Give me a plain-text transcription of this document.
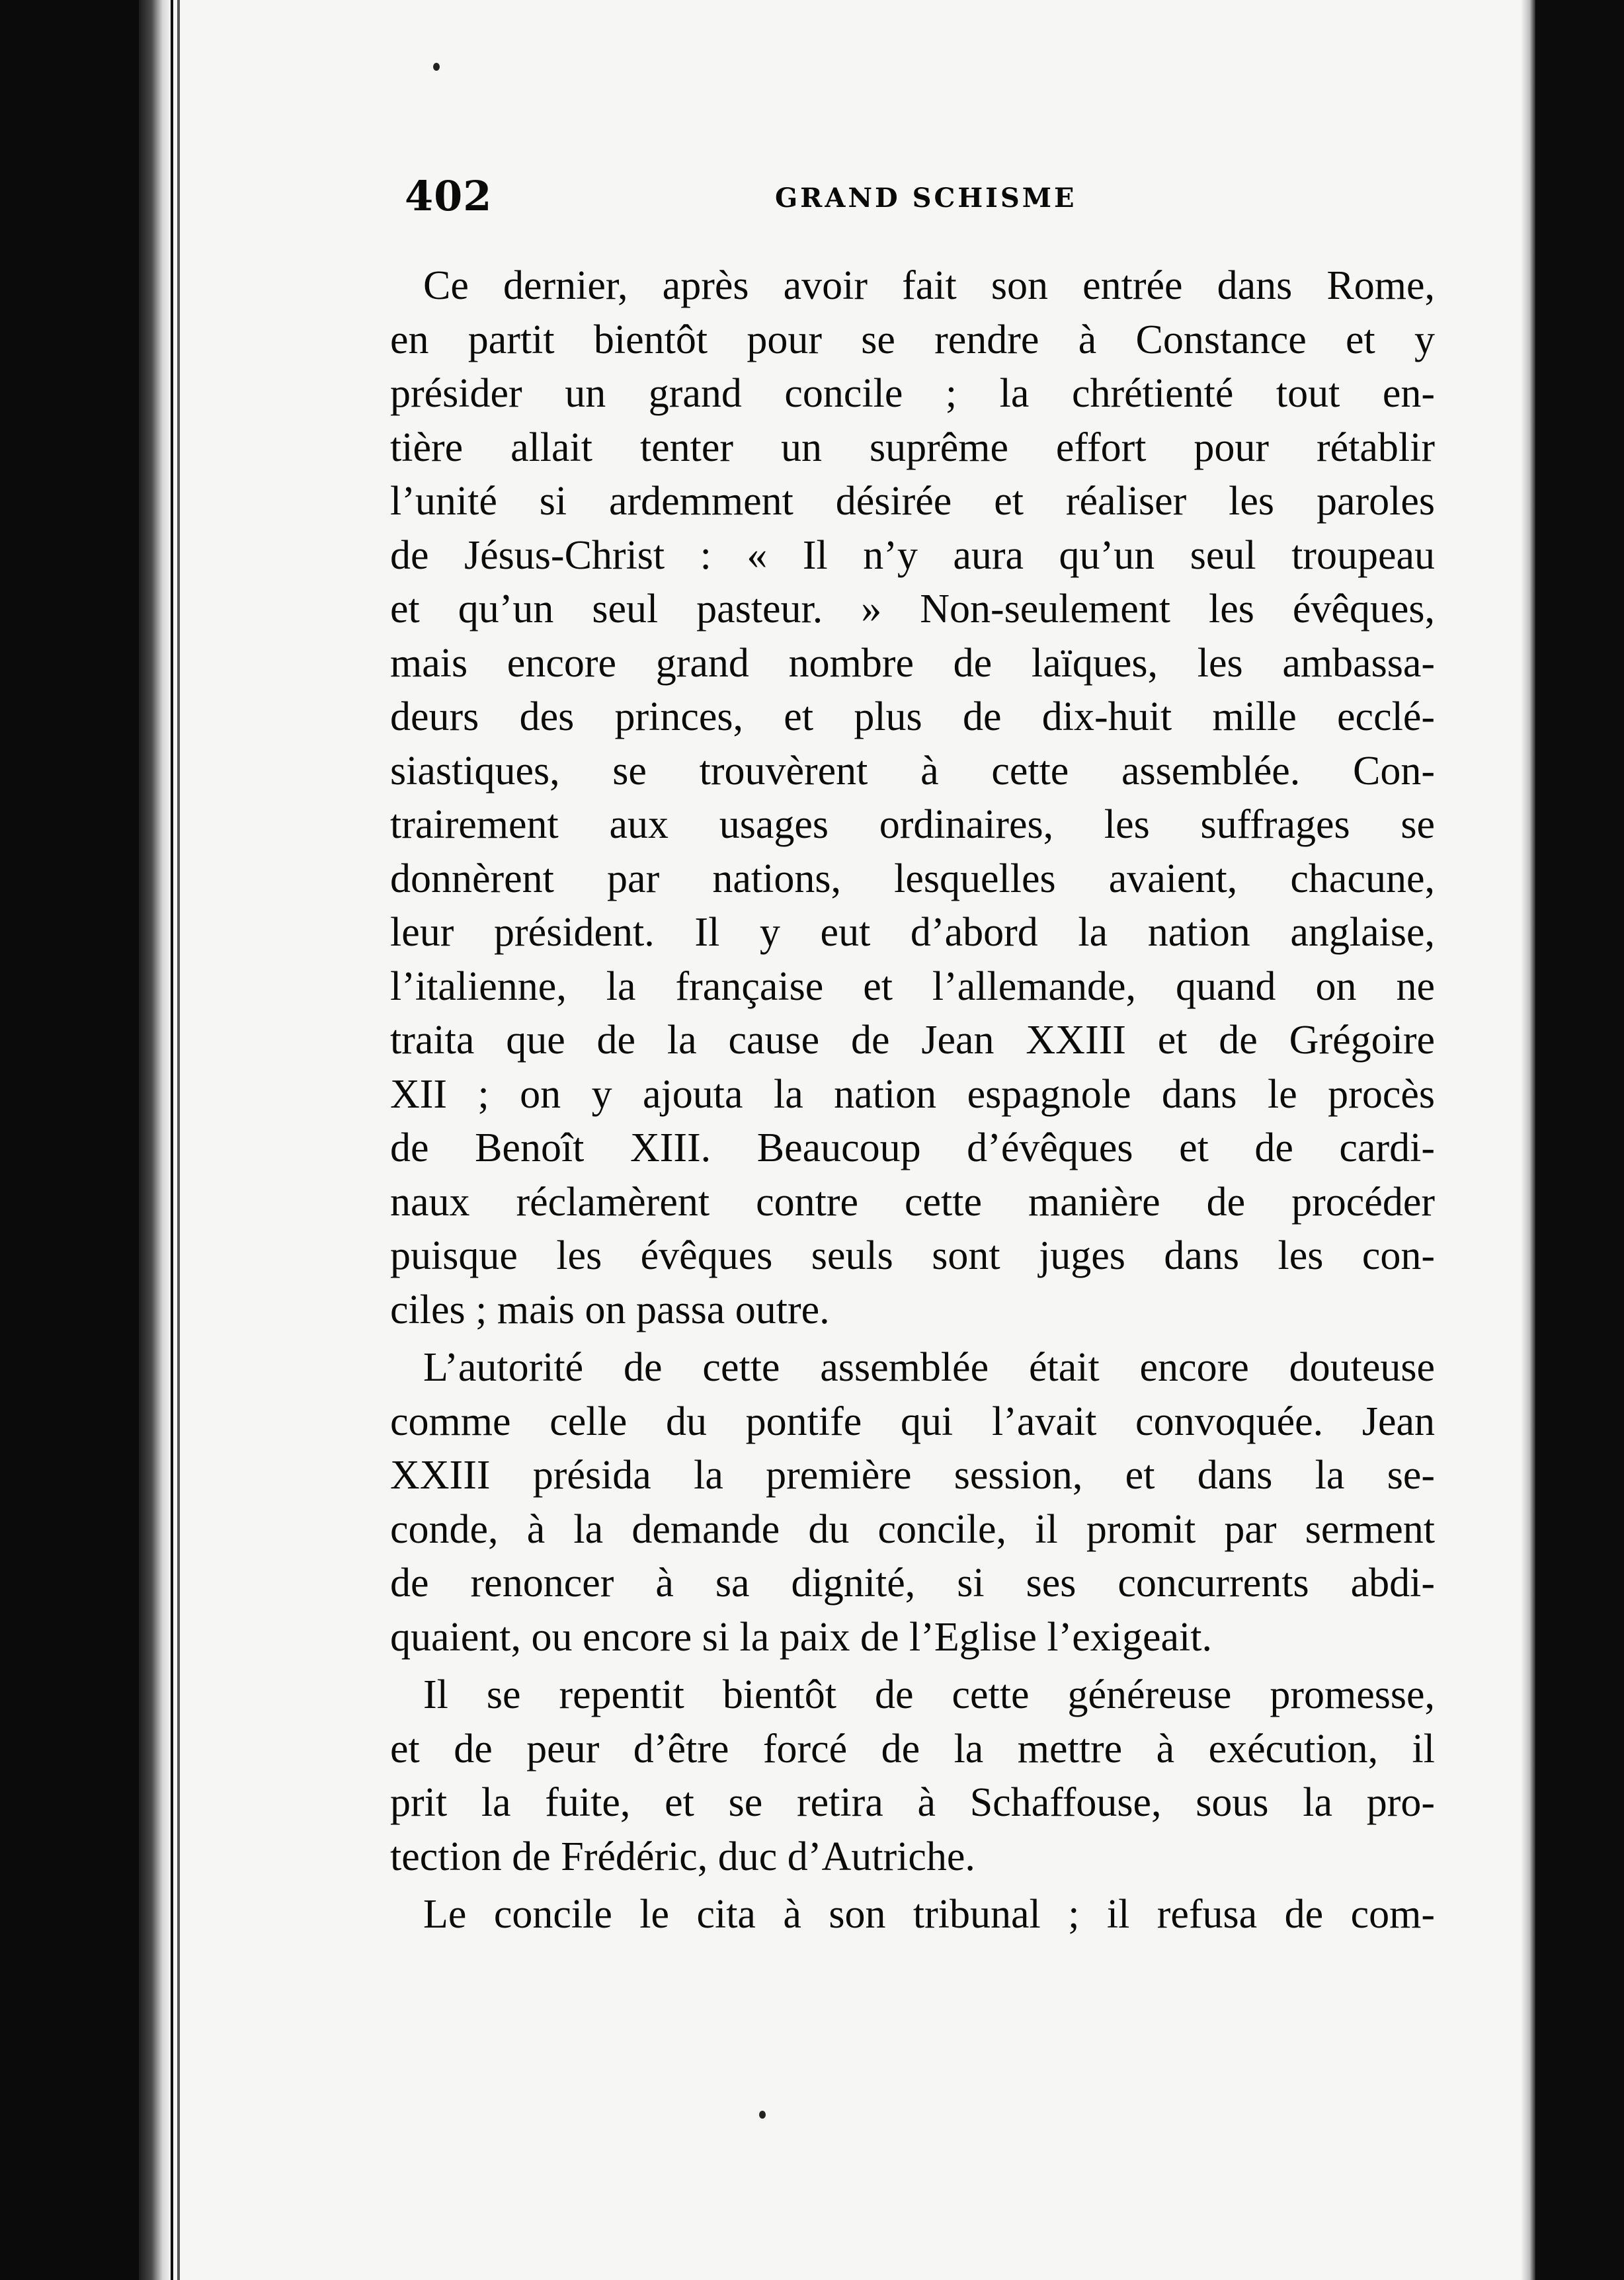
402	GRAND SCHISME
Ce dernier, après avoir fait son entrée dans Rome,
en partit bientôt pour se rendre à Constance et y
présider un grand concile ; la chrétienté tout en-
tière allait tenter un suprême effort pour rétablir
l’unité si ardemment désirée et réaliser les paroles
de Jésus-Christ : « Il n’y aura qu’un seul troupeau
et qu’un seul pasteur. » Non-seulement les évêques,
mais encore grand nombre de laïques, les ambassa-
deurs des princes, et plus de dix-huit mille ecclé-
siastiques, se trouvèrent à cette assemblée. Con-
trairement aux usages ordinaires, les suffrages se
donnèrent par nations, lesquelles avaient, chacune,
leur président. Il y eut d’abord la nation anglaise,
l’italienne, la française et l’allemande, quand on ne
traita que de la cause de Jean XXIII et de Grégoire
XII ; on y ajouta la nation espagnole dans le procès
de Benoît XIII. Beaucoup d’évêques et de cardi-
naux réclamèrent contre cette manière de procéder
puisque les évêques seuls sont juges dans les con-
ciles ; mais on passa outre.
L’autorité de cette assemblée était encore douteuse
comme celle du pontife qui l’avait convoquée. Jean
XXIII présida la première session, et dans la se-
conde, à la demande du concile, il promit par serment
de renoncer à sa dignité, si ses concurrents abdi-
quaient, ou encore si la paix de l’Eglise l’exigeait.
Il se repentit bientôt de cette généreuse promesse,
et de peur d’être forcé de la mettre à exécution, il
prit la fuite, et se retira à Schaffouse, sous la pro-
tection de Frédéric, duc d’Autriche.
Le concile le cita à son tribunal ; il refusa de com-
